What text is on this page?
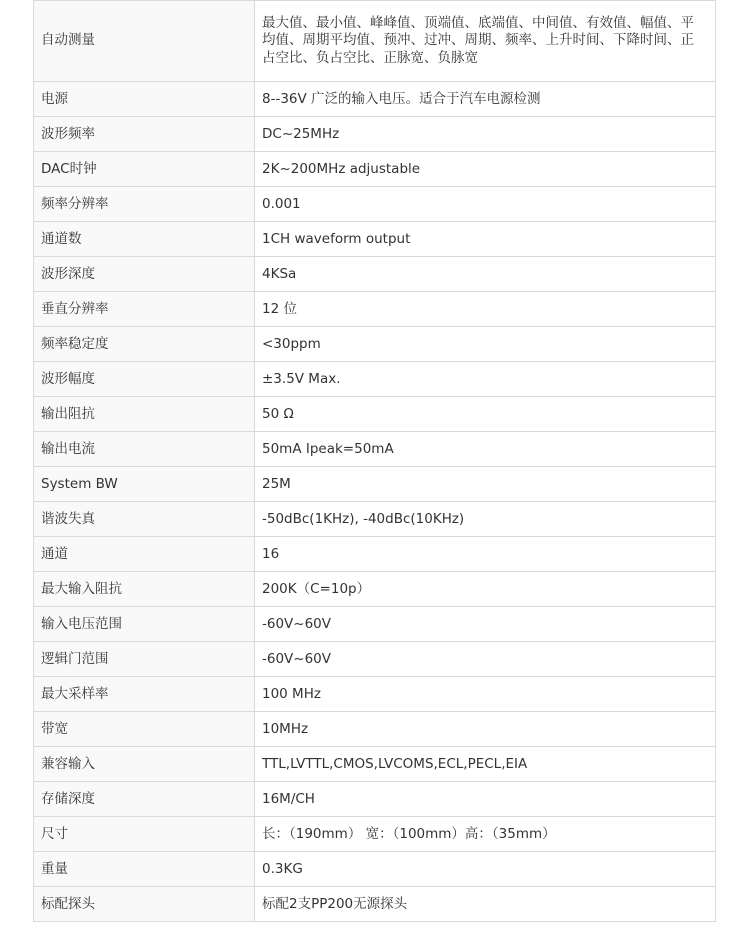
自动测量	最大值、最小值、峰峰值、顶端值、底端值、中间值、有效值、幅值、平均值、周期平均值、预冲、过冲、周期、频率、上升时间、下降时间、正占空比、负占空比、正脉宽、负脉宽
电源	8--36V 广泛的输入电压。适合于汽车电源检测
波形频率	DC~25MHz
DAC时钟	2K~200MHz adjustable
频率分辨率	0.001
通道数	1CH waveform output
波形深度	4KSa
垂直分辨率	12 位
频率稳定度	<30ppm
波形幅度	±3.5V Max.
输出阻抗	50 Ω
输出电流	50mA Ipeak=50mA
System BW	25M
谐波失真	-50dBc(1KHz), -40dBc(10KHz)
通道	16
最大输入阻抗	200K（C=10p）
输入电压范围	-60V~60V
逻辑门范围	-60V~60V
最大采样率	100 MHz
带宽	10MHz
兼容输入	TTL,LVTTL,CMOS,LVCOMS,ECL,PECL,EIA
存储深度	16M/CH
尺寸	长：（190mm） 宽：（100mm）高：（35mm）
重量	0.3KG
标配探头	标配2支PP200无源探头
